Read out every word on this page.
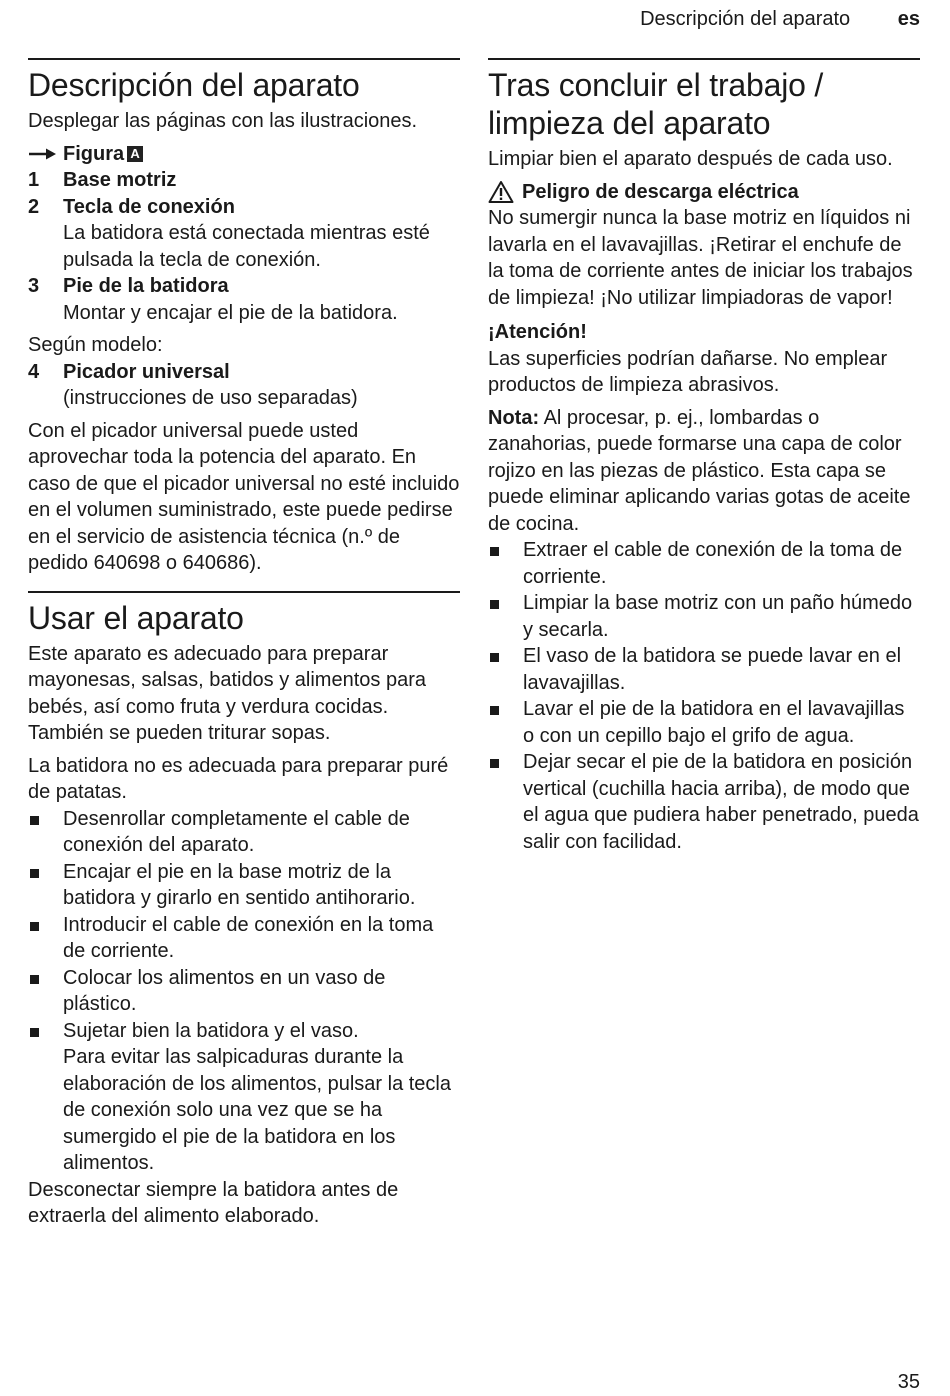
Descripción del aparato es
Descripción del aparato

Desplegar las páginas con las ilustraciones.

Figura A
1	Base motriz
2	Tecla de conexión
La batidora está conectada mientras esté pulsada la tecla de conexión.
3	Pie de la batidora
Montar y encajar el pie de la batidora.

Según modelo:

4	Picador universal
(instrucciones de uso separadas)

Con el picador universal puede usted aprovechar toda la potencia del aparato. En caso de que el picador universal no esté incluido en el volumen suministrado, este puede pedirse en el servicio de asistencia técnica (n.º de pedido 640698 o 640686).

Usar el aparato

Este aparato es adecuado para preparar mayonesas, salsas, batidos y alimentos para bebés, así como fruta y verdura cocidas. También se pueden triturar sopas.

La batidora no es adecuada para preparar puré de patatas.

Desenrollar completamente el cable de conexión del aparato.
Encajar el pie en la base motriz de la batidora y girarlo en sentido antihorario.
Introducir el cable de conexión en la toma de corriente.
Colocar los alimentos en un vaso de plástico.
Sujetar bien la batidora y el vaso.
Para evitar las salpicaduras durante la elaboración de los alimentos, pulsar la tecla de conexión solo una vez que se ha sumergido el pie de la batidora en los alimentos.

Desconectar siempre la batidora antes de extraerla del alimento elaborado.

Tras concluir el trabajo / limpieza del aparato

Limpiar bien el aparato después de cada uso.

Peligro de descarga eléctrica

No sumergir nunca la base motriz en líquidos ni lavarla en el lavavajillas. ¡Retirar el enchufe de la toma de corriente antes de iniciar los trabajos de limpieza! ¡No utilizar limpiadoras de vapor!

¡Atención!

Las superficies podrían dañarse. No emplear productos de limpieza abrasivos.

Nota: Al procesar, p. ej., lombardas o zanahorias, puede formarse una capa de color rojizo en las piezas de plástico. Esta capa se puede eliminar aplicando varias gotas de aceite de cocina.

Extraer el cable de conexión de la toma de corriente.
Limpiar la base motriz con un paño húmedo y secarla.
El vaso de la batidora se puede lavar en el lavavajillas.
Lavar el pie de la batidora en el lavavajillas o con un cepillo bajo el grifo de agua.
Dejar secar el pie de la batidora en posición vertical (cuchilla hacia arriba), de modo que el agua que pudiera haber penetrado, pueda salir con facilidad.
35
